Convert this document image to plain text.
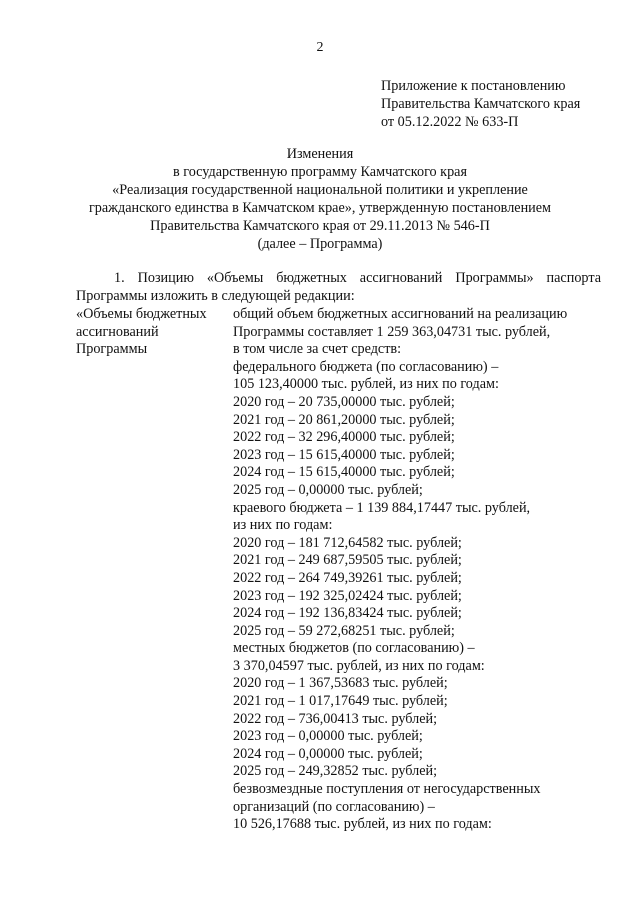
2
Приложение к постановлению
Правительства Камчатского края
от 05.12.2022 № 633-П
Изменения
в государственную программу Камчатского края
«Реализация государственной национальной политики и укрепление
гражданского единства в Камчатском крае», утвержденную постановлением
Правительства Камчатского края от 29.11.2013 № 546-П
(далее – Программа)
1. Позицию «Объемы бюджетных ассигнований Программы» паспорта
Программы изложить в следующей редакции:
«Объемы бюджетных
ассигнований
Программы
общий объем бюджетных ассигнований на реализацию
Программы составляет 1 259 363,04731 тыс. рублей,
в том числе за счет средств:
федерального бюджета (по согласованию) –
105 123,40000 тыс. рублей, из них по годам:
2020 год – 20 735,00000 тыс. рублей;
2021 год – 20 861,20000 тыс. рублей;
2022 год – 32 296,40000 тыс. рублей;
2023 год – 15 615,40000 тыс. рублей;
2024 год – 15 615,40000 тыс. рублей;
2025 год – 0,00000 тыс. рублей;
краевого бюджета – 1 139 884,17447 тыс. рублей,
из них по годам:
2020 год – 181 712,64582 тыс. рублей;
2021 год – 249 687,59505 тыс. рублей;
2022 год – 264 749,39261 тыс. рублей;
2023 год – 192 325,02424 тыс. рублей;
2024 год – 192 136,83424 тыс. рублей;
2025 год – 59 272,68251 тыс. рублей;
местных бюджетов (по согласованию) –
3 370,04597 тыс. рублей, из них по годам:
2020 год – 1 367,53683 тыс. рублей;
2021 год – 1 017,17649 тыс. рублей;
2022 год – 736,00413 тыс. рублей;
2023 год – 0,00000 тыс. рублей;
2024 год – 0,00000 тыс. рублей;
2025 год – 249,32852 тыс. рублей;
безвозмездные поступления от негосударственных
организаций (по согласованию) –
10 526,17688 тыс. рублей, из них по годам:
